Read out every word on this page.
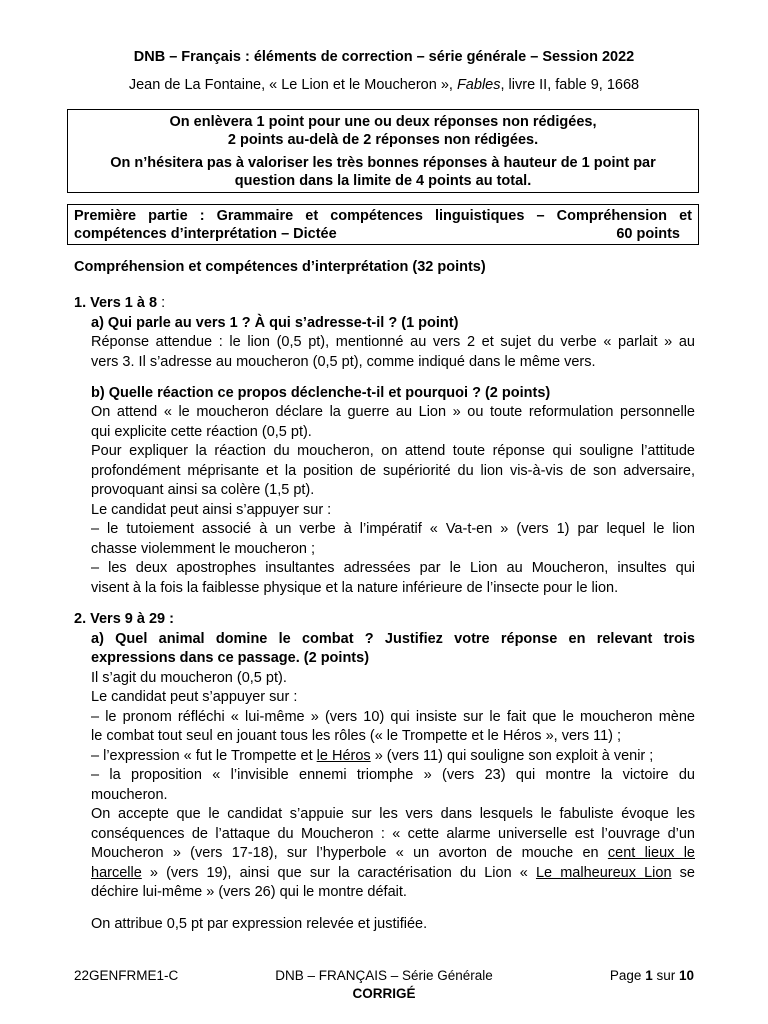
DNB – Français : éléments de correction – série générale – Session 2022
Jean de La Fontaine, « Le Lion et le Moucheron », Fables, livre II, fable 9, 1668

On enlèvera 1 point pour une ou deux réponses non rédigées,

2 points au-delà de 2 réponses non rédigées.

On n’hésitera pas à valoriser les très bonnes réponses à hauteur de 1 point par

question dans la limite de 4 points au total.

Première partie : Grammaire et compétences linguistiques – Compréhension et
compétences d’interprétation – Dictée	60 points
Compréhension et compétences d’interprétation (32 points)
1. Vers 1 à 8 :
a) Qui parle au vers 1 ? À qui s’adresse-t-il ? (1 point)
Réponse attendue : le lion (0,5 pt), mentionné au vers 2 et sujet du verbe « parlait » au
vers 3. Il s’adresse au moucheron (0,5 pt), comme indiqué dans le même vers.
b) Quelle réaction ce propos déclenche-t-il et pourquoi ? (2 points)
On attend « le moucheron déclare la guerre au Lion » ou toute reformulation personnelle
qui explicite cette réaction (0,5 pt).
Pour expliquer la réaction du moucheron, on attend toute réponse qui souligne l’attitude
profondément méprisante et la position de supériorité du lion vis-à-vis de son adversaire,
provoquant ainsi sa colère (1,5 pt).
Le candidat peut ainsi s’appuyer sur :
– le tutoiement associé à un verbe à l’impératif « Va-t-en » (vers 1) par lequel le lion
chasse violemment le moucheron ;
– les deux apostrophes insultantes adressées par le Lion au Moucheron, insultes qui
visent à la fois la faiblesse physique et la nature inférieure de l’insecte pour le lion.
2. Vers 9 à 29 :
a) Quel animal domine le combat ? Justifiez votre réponse en relevant trois
expressions dans ce passage. (2 points)
Il s’agit du moucheron (0,5 pt).
Le candidat peut s’appuyer sur :
– le pronom réfléchi « lui-même » (vers 10) qui insiste sur le fait que le moucheron mène
le combat tout seul en jouant tous les rôles (« le Trompette et le Héros », vers 11) ;
– l’expression « fut le Trompette et le Héros » (vers 11) qui souligne son exploit à venir ;
– la proposition « l’invisible ennemi triomphe » (vers 23) qui montre la victoire du
moucheron.
On accepte que le candidat s’appuie sur les vers dans lesquels le fabuliste évoque les
conséquences de l’attaque du Moucheron : « cette alarme universelle est l’ouvrage d’un
Moucheron » (vers 17-18), sur l’hyperbole « un avorton de mouche en cent lieux le
harcelle » (vers 19), ainsi que sur la caractérisation du Lion « Le malheureux Lion se
déchire lui-même » (vers 26) qui le montre défait.
On attribue 0,5 pt par expression relevée et justifiée.
22GENFRME1-C	DNB – FRANÇAIS – Série Générale	Page 1 sur 10
CORRIGÉ
